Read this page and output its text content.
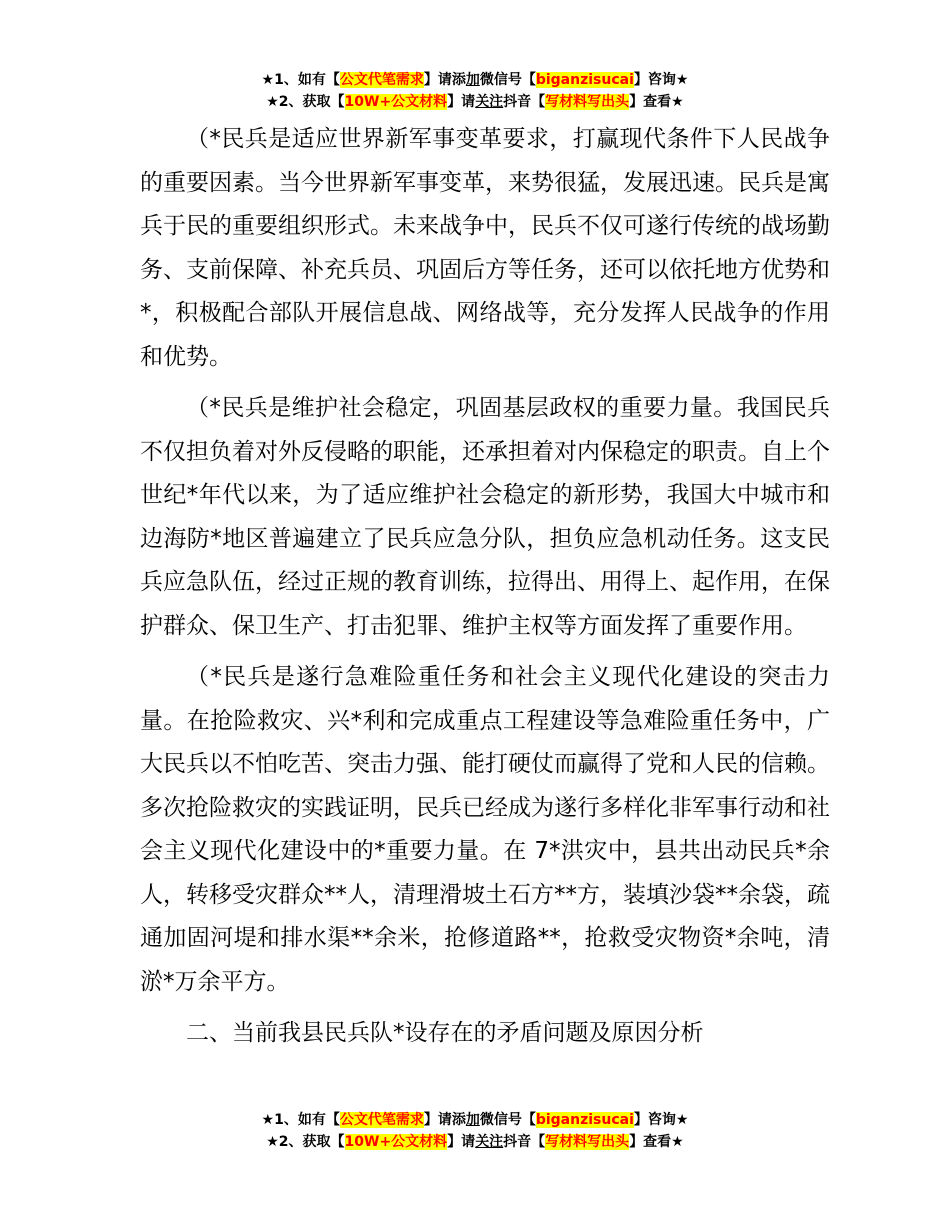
★1、如有【公文代笔需求】请添加微信号【biganzisucai】咨询★
★2、获取【10W+公文材料】请关注抖音【写材料写出头】查看★

（*民兵是适应世界新军事变革要求，打赢现代条件下人民战争的重要因素。当今世界新军事变革，来势很猛，发展迅速。民兵是寓兵于民的重要组织形式。未来战争中，民兵不仅可遂行传统的战场勤务、支前保障、补充兵员、巩固后方等任务，还可以依托地方优势和*，积极配合部队开展信息战、网络战等，充分发挥人民战争的作用和优势。

（*民兵是维护社会稳定，巩固基层政权的重要力量。我国民兵不仅担负着对外反侵略的职能，还承担着对内保稳定的职责。自上个世纪*年代以来，为了适应维护社会稳定的新形势，我国大中城市和边海防*地区普遍建立了民兵应急分队，担负应急机动任务。这支民兵应急队伍，经过正规的教育训练，拉得出、用得上、起作用，在保护群众、保卫生产、打击犯罪、维护主权等方面发挥了重要作用。

（*民兵是遂行急难险重任务和社会主义现代化建设的突击力量。在抢险救灾、兴*利和完成重点工程建设等急难险重任务中，广大民兵以不怕吃苦、突击力强、能打硬仗而赢得了党和人民的信赖。多次抢险救灾的实践证明，民兵已经成为遂行多样化非军事行动和社会主义现代化建设中的*重要力量。在 7*洪灾中，县共出动民兵*余人，转移受灾群众**人，清理滑坡土石方**方，装填沙袋**余袋，疏通加固河堤和排水渠**余米，抢修道路**，抢救受灾物资*余吨，清淤*万余平方。

二、当前我县民兵队*设存在的矛盾问题及原因分析

★1、如有【公文代笔需求】请添加微信号【biganzisucai】咨询★
★2、获取【10W+公文材料】请关注抖音【写材料写出头】查看★
